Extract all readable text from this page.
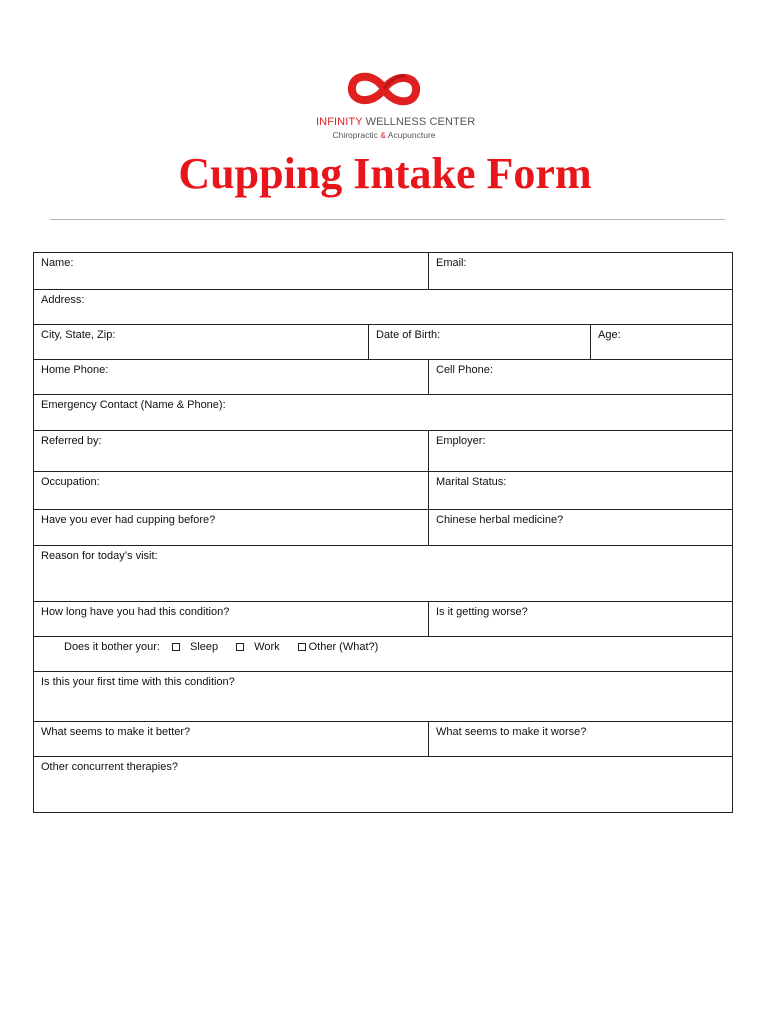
INFINITY WELLNESS CENTER
Chiropractic & Acupuncture
Cupping Intake Form
Name:	Email:
Address:
City, State, Zip:	Date of Birth:	Age:
Home Phone:	Cell Phone:
Emergency Contact (Name & Phone):
Referred by:	Employer:
Occupation:	Marital Status:
Have you ever had cupping before?	Chinese herbal medicine?
Reason for today’s visit:
How long have you had this condition?	Is it getting worse?
Does it bother your:	Sleep	Work	Other (What?)
Is this your first time with this condition?
What seems to make it better?	What seems to make it worse?
Other concurrent therapies?
